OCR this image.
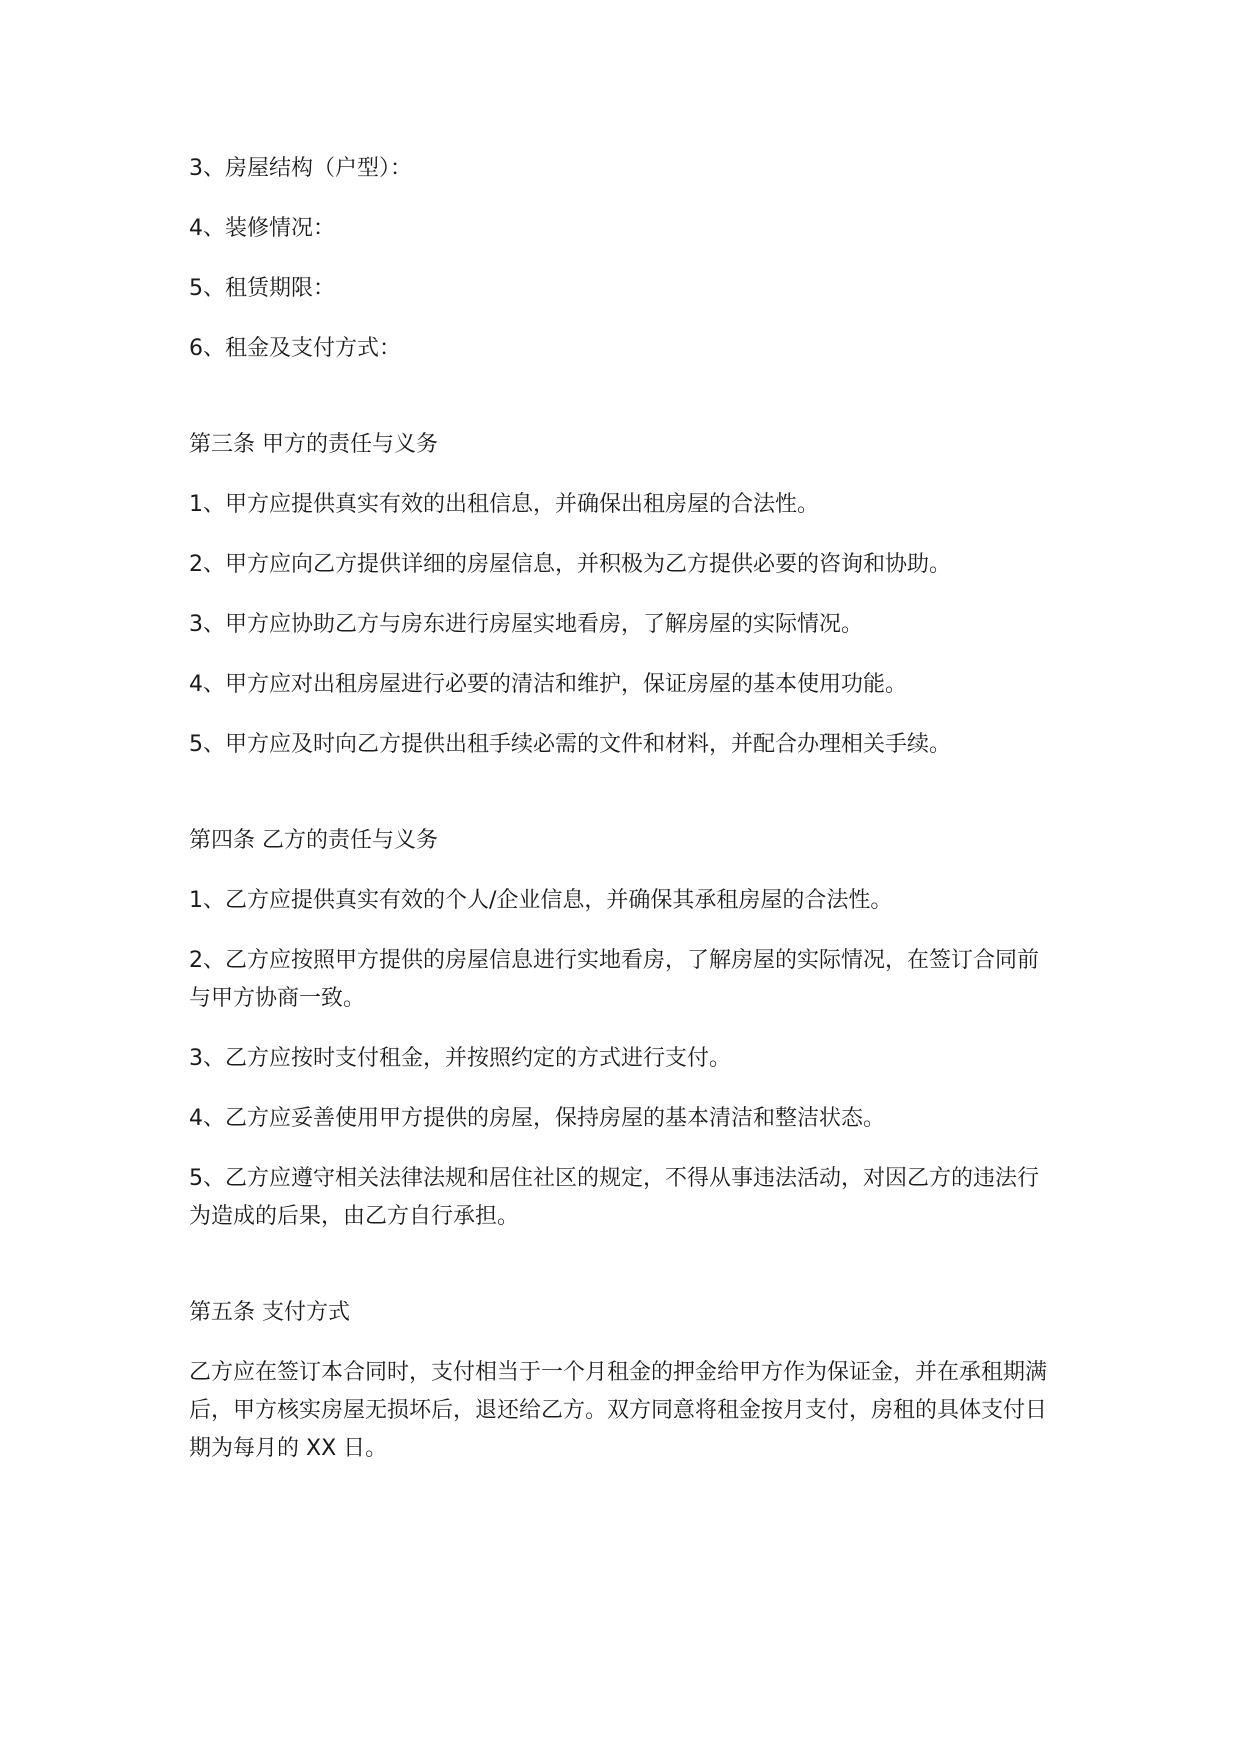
3、房屋结构（户型）：

4、装修情况：

5、租赁期限：

6、租金及支付方式：

第三条 甲方的责任与义务

1、甲方应提供真实有效的出租信息，并确保出租房屋的合法性。

2、甲方应向乙方提供详细的房屋信息，并积极为乙方提供必要的咨询和协助。

3、甲方应协助乙方与房东进行房屋实地看房，了解房屋的实际情况。

4、甲方应对出租房屋进行必要的清洁和维护，保证房屋的基本使用功能。

5、甲方应及时向乙方提供出租手续必需的文件和材料，并配合办理相关手续。

第四条 乙方的责任与义务

1、乙方应提供真实有效的个人/企业信息，并确保其承租房屋的合法性。

2、乙方应按照甲方提供的房屋信息进行实地看房，了解房屋的实际情况，在签订合同前与甲方协商一致。

3、乙方应按时支付租金，并按照约定的方式进行支付。

4、乙方应妥善使用甲方提供的房屋，保持房屋的基本清洁和整洁状态。

5、乙方应遵守相关法律法规和居住社区的规定，不得从事违法活动，对因乙方的违法行为造成的后果，由乙方自行承担。

第五条 支付方式

乙方应在签订本合同时，支付相当于一个月租金的押金给甲方作为保证金，并在承租期满后，甲方核实房屋无损坏后，退还给乙方。双方同意将租金按月支付，房租的具体支付日期为每月的 XX 日。
